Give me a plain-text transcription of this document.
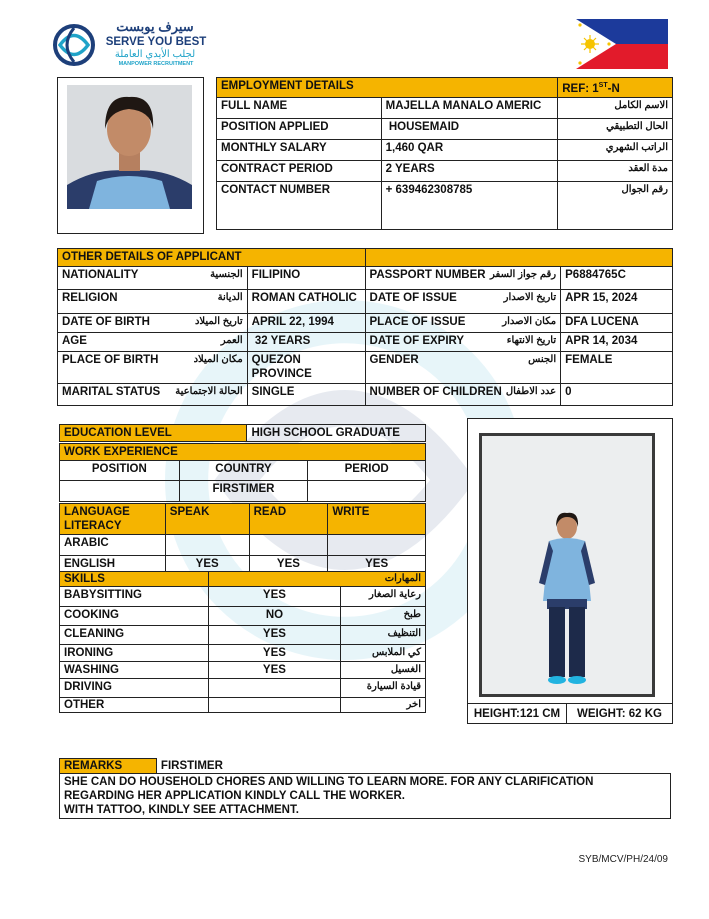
سيرف يوبست
SERVE YOU BEST
لجلب الأيدي العاملة
MANPOWER RECRUITMENT
EMPLOYMENT DETAILS		REF: 1ST-N
FULL NAME	MAJELLA MANALO AMERIC	الاسم الكامل
POSITION APPLIED	HOUSEMAID	الحال التطبيقي
MONTHLY SALARY	1,460 QAR	الراتب الشهري
CONTRACT PERIOD	2 YEARS	مدة العقد
CONTACT NUMBER	+ 639462308785	رقم الجوال
OTHER DETAILS OF APPLICANT			
NATIONALITY الجنسية	FILIPINO	PASSPORT NUMBER رقم جواز السفر	P6884765C
RELIGION الديانة	ROMAN CATHOLIC	DATE OF ISSUE تاريخ الاصدار	APR 15, 2024
DATE OF BIRTH تاريخ الميلاد	APRIL 22, 1994	PLACE OF ISSUE مكان الاصدار	DFA LUCENA
AGE العمر	32 YEARS	DATE OF EXPIRY تاريخ الانتهاء	APR 14, 2034
PLACE OF BIRTH مكان الميلاد	QUEZON PROVINCE	GENDER الجنس	FEMALE
MARITAL STATUS الحالة الاجتماعية	SINGLE	NUMBER OF CHILDREN عدد الاطفال	0
EDUCATION LEVEL	HIGH SCHOOL GRADUATE
WORK EXPERIENCE		
POSITION	COUNTRY	PERIOD
	FIRSTIMER	
LANGUAGE LITERACY	SPEAK	READ	WRITE
ARABIC			
ENGLISH	YES	YES	YES
SKILLS	المهارات	
BABYSITTING	YES	رعاية الصغار
COOKING	NO	طبخ
CLEANING	YES	التنظيف
IRONING	YES	كي الملابس
WASHING	YES	الغسيل
DRIVING		قيادة السيارة
OTHER		اخر
HEIGHT:121 CM	WEIGHT: 62 KG
REMARKS	FIRSTIMER
SHE CAN DO HOUSEHOLD CHORES AND WILLING TO LEARN MORE. FOR ANY CLARIFICATION REGARDING HER APPLICATION KINDLY CALL THE WORKER.
WITH TATTOO, KINDLY SEE ATTACHMENT.
SYB/MCV/PH/24/09
